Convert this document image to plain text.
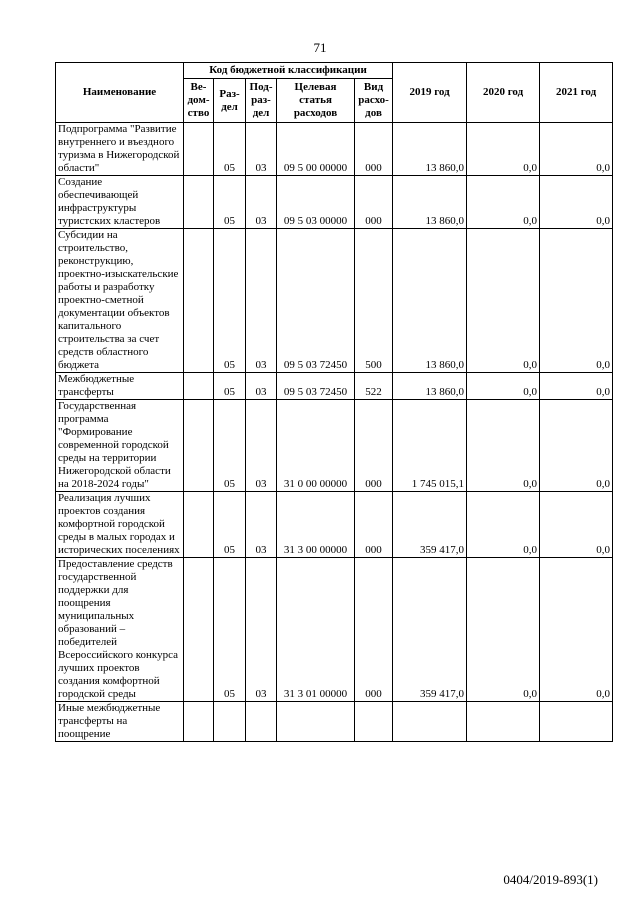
71
Наименование	Код бюджетной классификации					2019 год	2020 год	2021 год
	Ве-дом-ство	Раз-дел	Под-раз-дел	Целевая статья расходов	Вид расхо-дов			
Подпрограмма "Развитие внутреннего и въездного туризма в Нижегородской области"		05	03	09 5 00 00000	000	13 860,0	0,0	0,0
Создание обеспечивающей инфраструктуры туристских кластеров		05	03	09 5 03 00000	000	13 860,0	0,0	0,0
Субсидии на строительство, реконструкцию, проектно-изыскательские работы и разработку проектно-сметной документации объектов капитального строительства за счет средств областного бюджета		05	03	09 5 03 72450	500	13 860,0	0,0	0,0
Межбюджетные трансферты		05	03	09 5 03 72450	522	13 860,0	0,0	0,0
Государственная программа "Формирование современной городской среды на территории Нижегородской области на 2018-2024 годы"		05	03	31 0 00 00000	000	1 745 015,1	0,0	0,0
Реализация лучших проектов создания комфортной городской среды в малых городах и исторических поселениях		05	03	31 3 00 00000	000	359 417,0	0,0	0,0
Предоставление средств государственной поддержки для поощрения муниципальных образований – победителей Всероссийского конкурса лучших проектов создания комфортной городской среды		05	03	31 3 01 00000	000	359 417,0	0,0	0,0
Иные межбюджетные трансферты на поощрение								
0404/2019-893(1)
